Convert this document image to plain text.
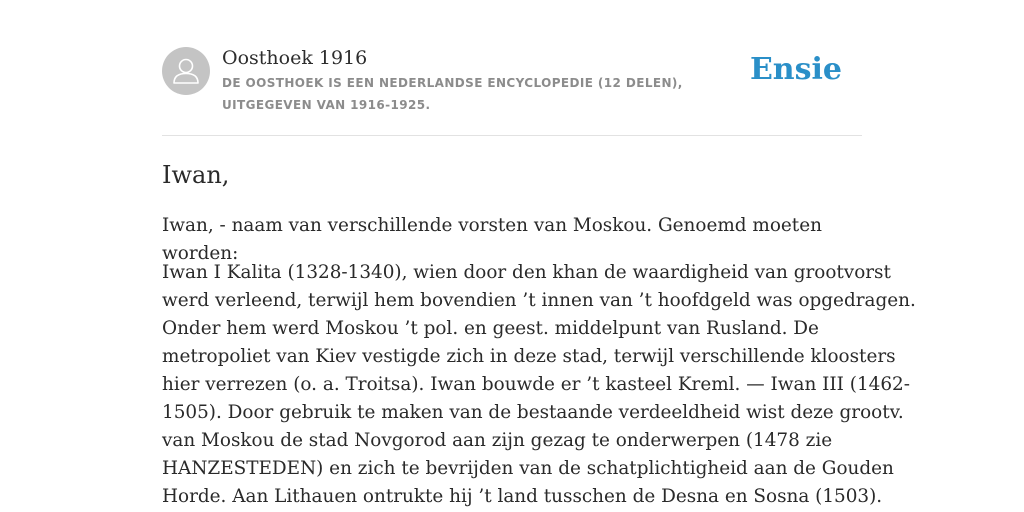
Oosthoek 1916
DE OOSTHOEK IS EEN NEDERLANDSE ENCYCLOPEDIE (12 DELEN), UITGEGEVEN VAN 1916-1925.
Ensie
Iwan,

Iwan, - naam van verschillende vorsten van Moskou. Genoemd moeten worden:

Iwan I Kalita (1328-1340), wien door den khan de waardigheid van grootvorst
werd verleend, terwijl hem bovendien ’t innen van ’t hoofdgeld was opgedragen.
Onder hem werd Moskou ’t pol. en geest. middelpunt van Rusland. De
metropoliet van Kiev vestigde zich in deze stad, terwijl verschillende kloosters
hier verrezen (o. a. Troitsa). Iwan bouwde er ’t kasteel Kreml. — Iwan III (1462-
1505). Door gebruik te maken van de bestaande verdeeldheid wist deze grootv.
van Moskou de stad Novgorod aan zijn gezag te onderwerpen (1478 zie
HANZESTEDEN) en zich te bevrijden van de schatplichtigheid aan de Gouden
Horde. Aan Lithauen ontrukte hij ’t land tusschen de Desna en Sosna (1503).
